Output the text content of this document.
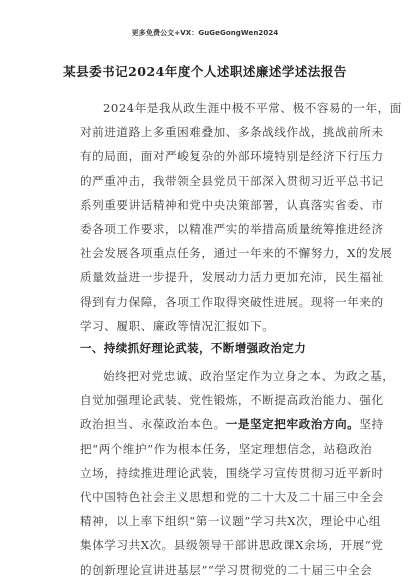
更多免费公文+VX：GuGeGongWen2024
某县委书记2024年度个人述职述廉述学述法报告
2024年是我从政生涯中极不平常、极不容易的一年，面
对前进道路上多重困难叠加、多条战线作战，挑战前所未
有的局面，面对严峻复杂的外部环境特别是经济下行压力
的严重冲击，我带领全县党员干部深入贯彻习近平总书记
系列重要讲话精神和党中央决策部署，认真落实省委、市
委各项工作要求，以精准严实的举措高质量统筹推进经济
社会发展各项重点任务，通过一年来的不懈努力，X的发展
质量效益进一步提升，发展动力活力更加充沛，民生福祉
得到有力保障，各项工作取得突破性进展。现将一年来的
学习、履职、廉政等情况汇报如下。
一、持续抓好理论武装，不断增强政治定力
始终把对党忠诚、政治坚定作为立身之本、为政之基，
自觉加强理论武装、党性锻炼，不断提高政治能力、强化
政治担当、永葆政治本色。一是坚定把牢政治方向。坚持
把“两个维护”作为根本任务，坚定理想信念，站稳政治
立场，持续推进理论武装，围绕学习宣传贯彻习近平新时
代中国特色社会主义思想和党的二十大及二十届三中全会
精神，以上率下组织“第一议题”学习共X次，理论中心组
集体学习共X次。县级领导干部讲思政课X余场，开展“党
的创新理论宣讲进基层”“学习贯彻党的二十届三中全会
